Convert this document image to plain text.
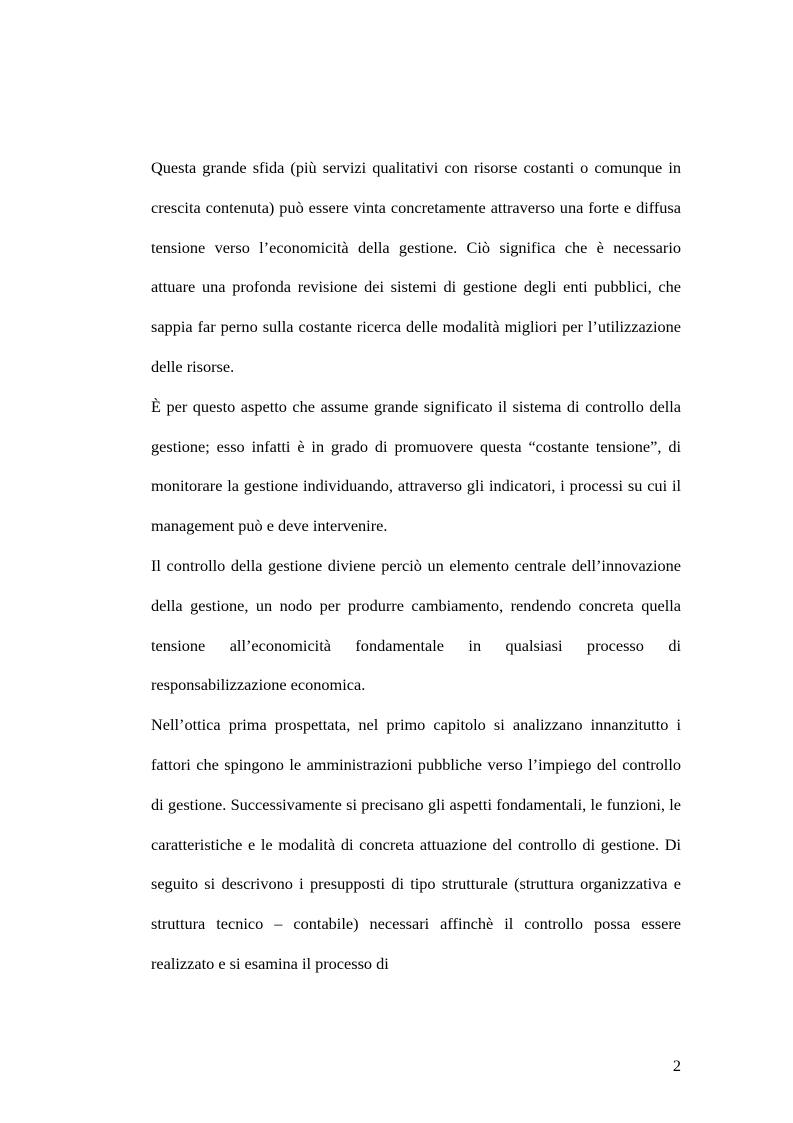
Questa grande sfida (più servizi qualitativi con risorse costanti o comunque in crescita contenuta) può essere vinta concretamente attraverso una forte e diffusa tensione verso l’economicità della gestione. Ciò significa che è necessario attuare una profonda revisione dei sistemi di gestione degli enti pubblici, che sappia far perno sulla costante ricerca delle modalità migliori per l’utilizzazione delle risorse.

È per questo aspetto che assume grande significato il sistema di controllo della gestione; esso infatti è in grado di promuovere questa “costante tensione”, di monitorare la gestione individuando, attraverso gli indicatori, i processi su cui il management può e deve intervenire.

Il controllo della gestione diviene perciò un elemento centrale dell’innovazione della gestione, un nodo per produrre cambiamento, rendendo concreta quella tensione all’economicità fondamentale in qualsiasi processo di responsabilizzazione economica.

Nell’ottica prima prospettata, nel primo capitolo si analizzano innanzitutto i fattori che spingono le amministrazioni pubbliche verso l’impiego del controllo di gestione. Successivamente si precisano gli aspetti fondamentali, le funzioni, le caratteristiche e le modalità di concreta attuazione del controllo di gestione. Di seguito si descrivono i presupposti di tipo strutturale (struttura organizzativa e struttura tecnico – contabile) necessari affinchè il controllo possa essere realizzato e si esamina il processo di

2
